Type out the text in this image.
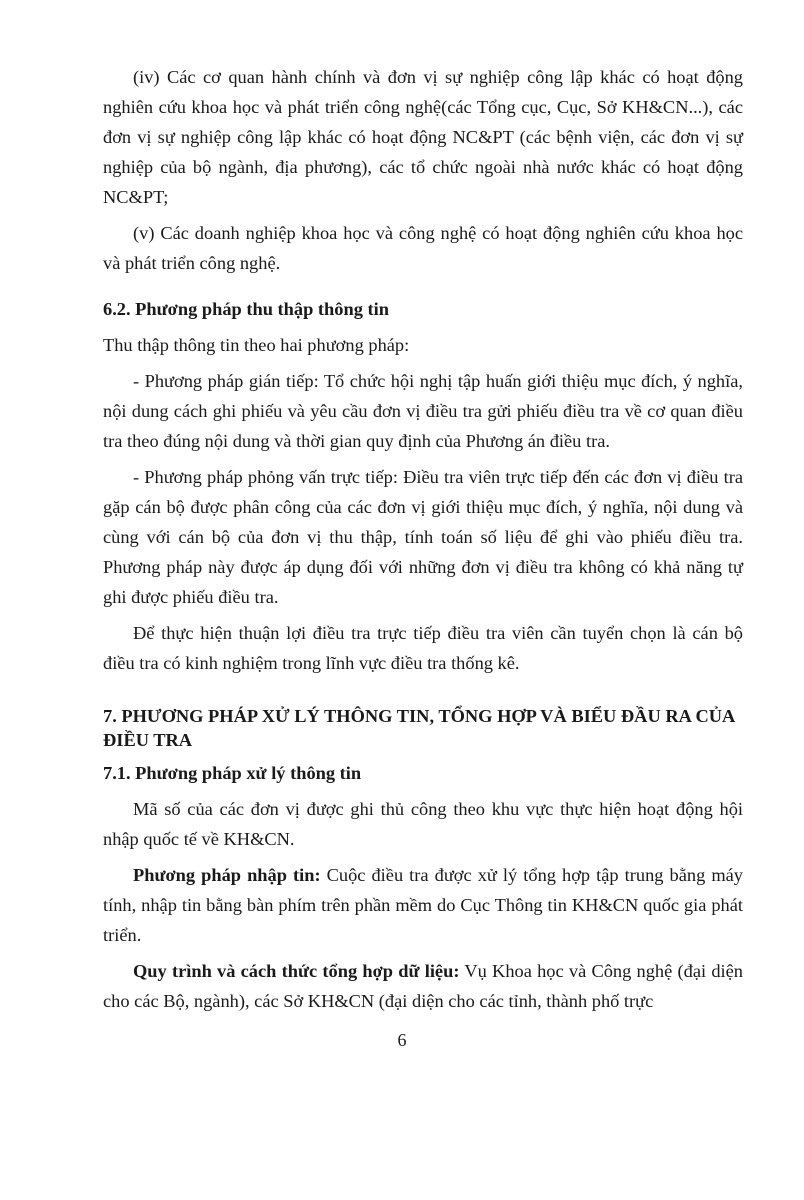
(iv) Các cơ quan hành chính và đơn vị sự nghiệp công lập khác có hoạt động nghiên cứu khoa học và phát triển công nghệ(các Tổng cục, Cục, Sở KH&CN...), các đơn vị sự nghiệp công lập khác có hoạt động NC&PT (các bệnh viện, các đơn vị sự nghiệp của bộ ngành, địa phương), các tổ chức ngoài nhà nước khác có hoạt động NC&PT;

(v) Các doanh nghiệp khoa học và công nghệ có hoạt động nghiên cứu khoa học và phát triển công nghệ.

6.2. Phương pháp thu thập thông tin

Thu thập thông tin theo hai phương pháp:

- Phương pháp gián tiếp: Tổ chức hội nghị tập huấn giới thiệu mục đích, ý nghĩa, nội dung cách ghi phiếu và yêu cầu đơn vị điều tra gửi phiếu điều tra về cơ quan điều tra theo đúng nội dung và thời gian quy định của Phương án điều tra.

- Phương pháp phỏng vấn trực tiếp: Điều tra viên trực tiếp đến các đơn vị điều tra gặp cán bộ được phân công của các đơn vị giới thiệu mục đích, ý nghĩa, nội dung và cùng với cán bộ của đơn vị thu thập, tính toán số liệu để ghi vào phiếu điều tra. Phương pháp này được áp dụng đối với những đơn vị điều tra không có khả năng tự ghi được phiếu điều tra.

Để thực hiện thuận lợi điều tra trực tiếp điều tra viên cần tuyển chọn là cán bộ điều tra có kinh nghiệm trong lĩnh vực điều tra thống kê.

7. PHƯƠNG PHÁP XỬ LÝ THÔNG TIN, TỔNG HỢP VÀ BIỂU ĐẦU RA CỦA ĐIỀU TRA
7.1. Phương pháp xử lý thông tin

Mã số của các đơn vị được ghi thủ công theo khu vực thực hiện hoạt động hội nhập quốc tế về KH&CN.

Phương pháp nhập tin: Cuộc điều tra được xử lý tổng hợp tập trung bằng máy tính, nhập tin bằng bàn phím trên phần mềm do Cục Thông tin KH&CN quốc gia phát triển.

Quy trình và cách thức tổng hợp dữ liệu: Vụ Khoa học và Công nghệ (đại diện cho các Bộ, ngành), các Sở KH&CN (đại diện cho các tỉnh, thành phố trực

6
